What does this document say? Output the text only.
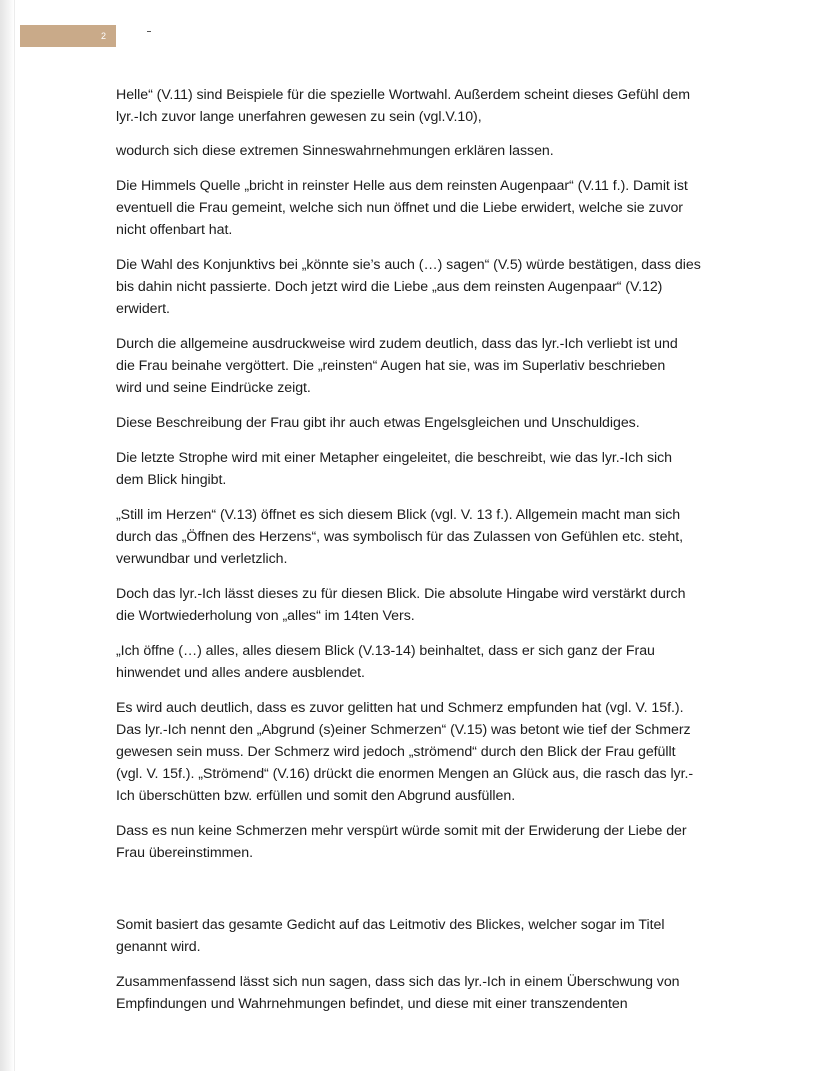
2

Helle“ (V.11) sind Beispiele für die spezielle Wortwahl. Außerdem scheint dieses Gefühl dem
lyr.-Ich zuvor lange unerfahren gewesen zu sein (vgl.V.10),

wodurch sich diese extremen Sinneswahrnehmungen erklären lassen.

Die Himmels Quelle „bricht in reinster Helle aus dem reinsten Augenpaar“ (V.11 f.). Damit ist
eventuell die Frau gemeint, welche sich nun öffnet und die Liebe erwidert, welche sie zuvor
nicht offenbart hat.

Die Wahl des Konjunktivs bei „könnte sie’s auch (…) sagen“ (V.5) würde bestätigen, dass dies
bis dahin nicht passierte. Doch jetzt wird die Liebe „aus dem reinsten Augenpaar“ (V.12)
erwidert.

Durch die allgemeine ausdruckweise wird zudem deutlich, dass das lyr.-Ich verliebt ist und
die Frau beinahe vergöttert. Die „reinsten“ Augen hat sie, was im Superlativ beschrieben
wird und seine Eindrücke zeigt.

Diese Beschreibung der Frau gibt ihr auch etwas Engelsgleichen und Unschuldiges.

Die letzte Strophe wird mit einer Metapher eingeleitet, die beschreibt, wie das lyr.-Ich sich
dem Blick hingibt.

„Still im Herzen“ (V.13) öffnet es sich diesem Blick (vgl. V. 13 f.). Allgemein macht man sich
durch das „Öffnen des Herzens“, was symbolisch für das Zulassen von Gefühlen etc. steht,
verwundbar und verletzlich.

Doch das lyr.-Ich lässt dieses zu für diesen Blick. Die absolute Hingabe wird verstärkt durch
die Wortwiederholung von „alles“ im 14ten Vers.

„Ich öffne (…) alles, alles diesem Blick (V.13-14) beinhaltet, dass er sich ganz der Frau
hinwendet und alles andere ausblendet.

Es wird auch deutlich, dass es zuvor gelitten hat und Schmerz empfunden hat (vgl. V. 15f.).
Das lyr.-Ich nennt den „Abgrund (s)einer Schmerzen“ (V.15) was betont wie tief der Schmerz
gewesen sein muss. Der Schmerz wird jedoch „strömend“ durch den Blick der Frau gefüllt
(vgl. V. 15f.). „Strömend“ (V.16) drückt die enormen Mengen an Glück aus, die rasch das lyr.-
Ich überschütten bzw. erfüllen und somit den Abgrund ausfüllen.

Dass es nun keine Schmerzen mehr verspürt würde somit mit der Erwiderung der Liebe der
Frau übereinstimmen.

Somit basiert das gesamte Gedicht auf das Leitmotiv des Blickes, welcher sogar im Titel
genannt wird.

Zusammenfassend lässt sich nun sagen, dass sich das lyr.-Ich in einem Überschwung von
Empfindungen und Wahrnehmungen befindet, und diese mit einer transzendenten
